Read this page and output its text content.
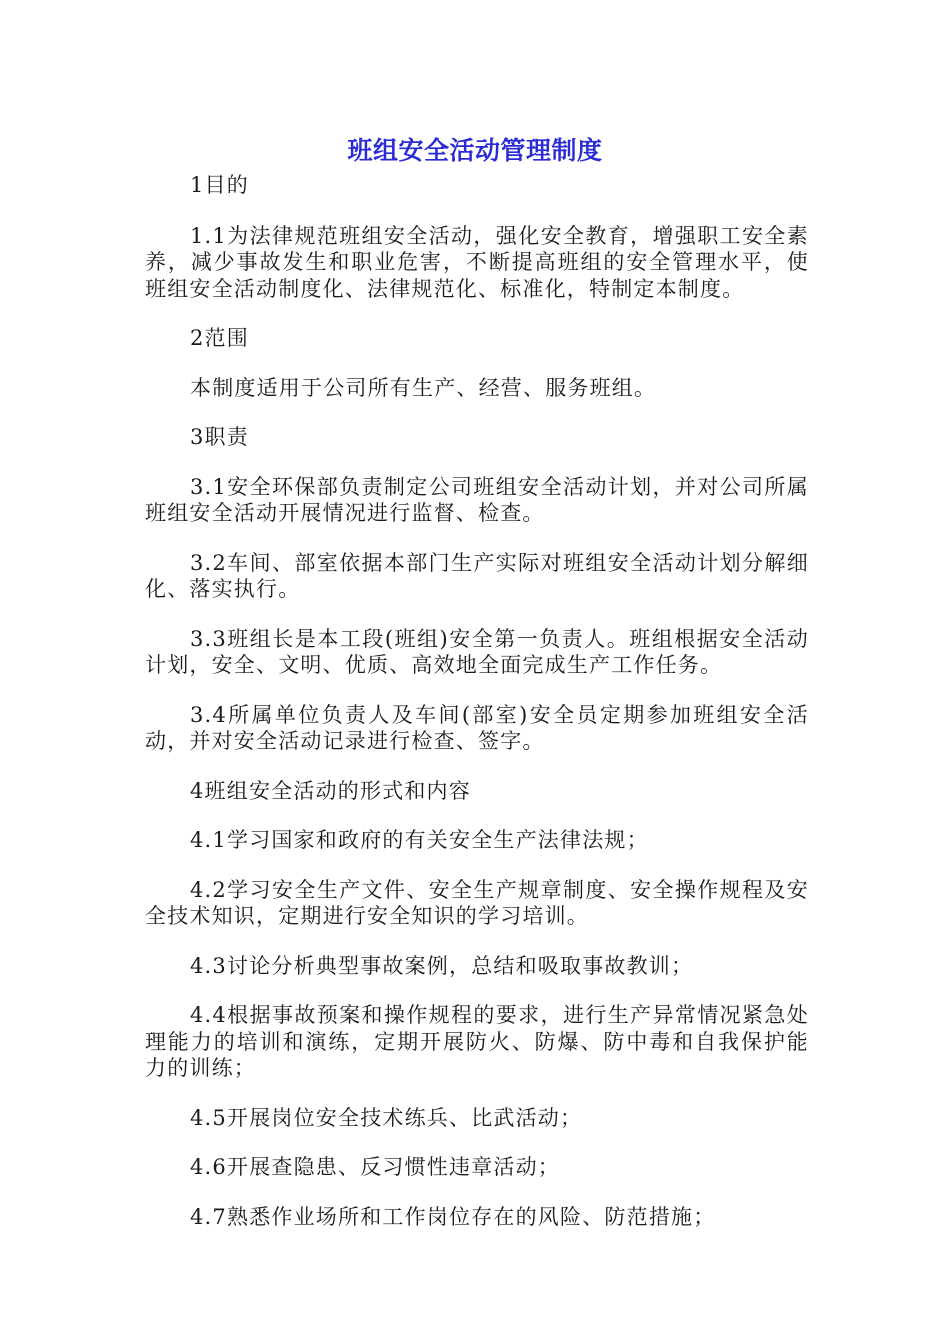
班组安全活动管理制度

1目的

1.1为法律规范班组安全活动，强化安全教育，增强职工安全素养，减少事故发生和职业危害，不断提高班组的安全管理水平，使班组安全活动制度化、法律规范化、标准化，特制定本制度。

2范围

本制度适用于公司所有生产、经营、服务班组。

3职责

3.1安全环保部负责制定公司班组安全活动计划，并对公司所属班组安全活动开展情况进行监督、检查。

3.2车间、部室依据本部门生产实际对班组安全活动计划分解细化、落实执行。

3.3班组长是本工段(班组)安全第一负责人。班组根据安全活动计划，安全、文明、优质、高效地全面完成生产工作任务。

3.4所属单位负责人及车间(部室)安全员定期参加班组安全活动，并对安全活动记录进行检查、签字。

4班组安全活动的形式和内容

4.1学习国家和政府的有关安全生产法律法规；

4.2学习安全生产文件、安全生产规章制度、安全操作规程及安全技术知识，定期进行安全知识的学习培训。

4.3讨论分析典型事故案例，总结和吸取事故教训；

4.4根据事故预案和操作规程的要求，进行生产异常情况紧急处理能力的培训和演练，定期开展防火、防爆、防中毒和自我保护能力的训练；

4.5开展岗位安全技术练兵、比武活动；

4.6开展查隐患、反习惯性违章活动；

4.7熟悉作业场所和工作岗位存在的风险、防范措施；
